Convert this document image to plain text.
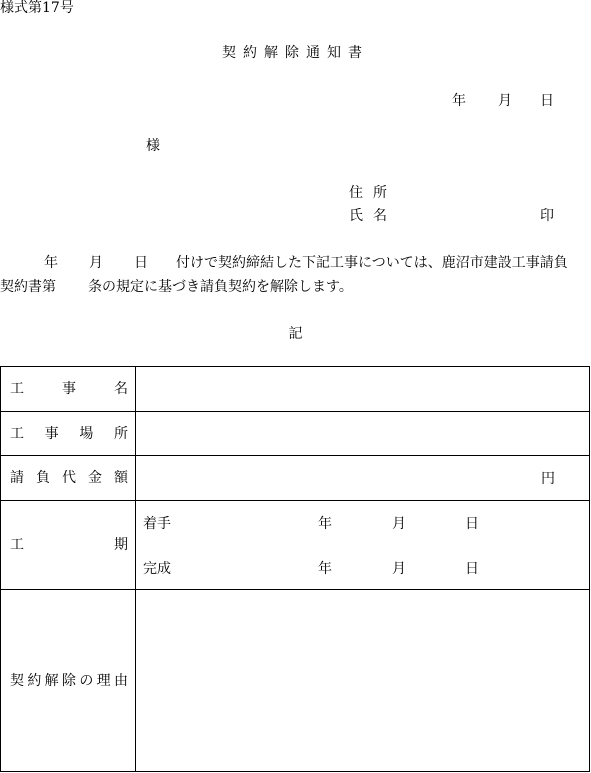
様式第17号
契約解除通知書
年 月 日
様
住所
氏名	印
年 月 日 付けで契約締結した下記工事については、鹿沼市建設工事請負
契約書第 条の規定に基づき請負契約を解除します。
記
工事名
工事場所
請負代金額	円
工期
着手	年	月	日
完成	年	月	日
契約解除の理由
